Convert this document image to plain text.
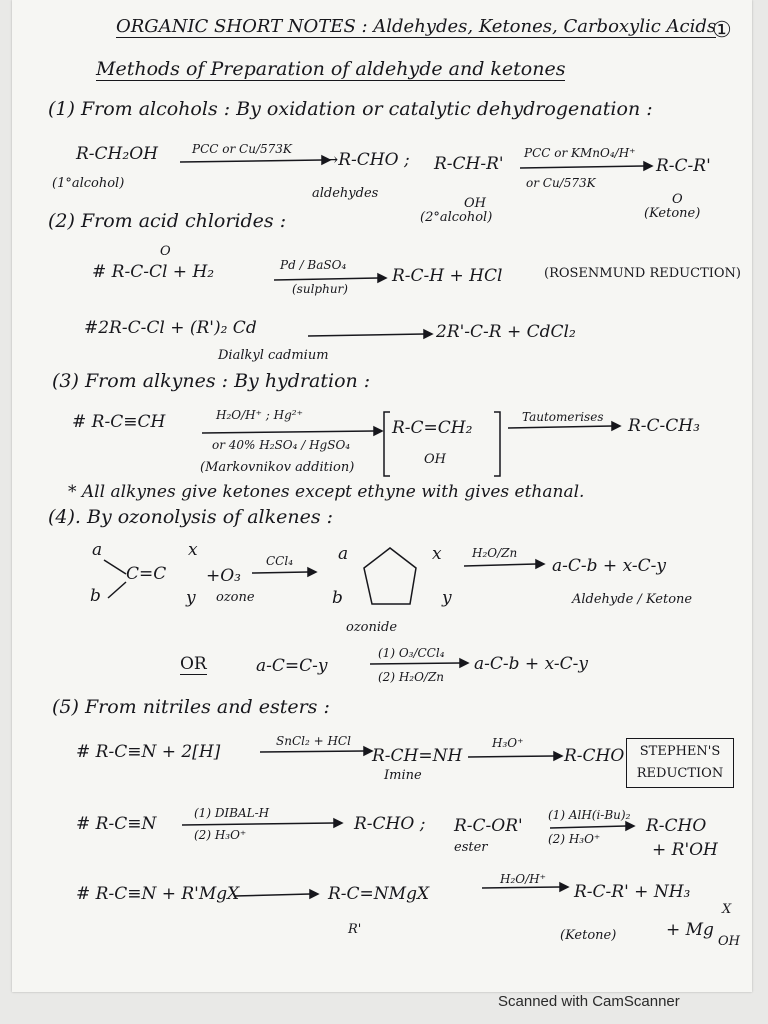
①
ORGANIC SHORT NOTES : Aldehydes, Ketones, Carboxylic Acids
Methods of Preparation of aldehyde and ketones
(1) From alcohols : By oxidation or catalytic dehydrogenation :
R-CH₂OH	PCC or Cu/573K
→R-CHO ; R-CH-R'
OH
PCC or KMnO₄/H⁺
or Cu/573K
R-C-R'
O
(1°alcohol)
aldehydes
(2°alcohol)	(Ketone)
(2) From acid chlorides :
O
# R-C-Cl + H₂	Pd / BaSO₄
(sulphur)
R-C-H + HCl	(ROSENMUND REDUCTION)
#2R-C-Cl + (R')₂ Cd	2R'-C-R + CdCl₂
Dialkyl cadmium
(3) From alkynes : By hydration :
# R-C≡CH	H₂O/H⁺ ; Hg²⁺
or 40% H₂SO₄ / HgSO₄
R-C=CH₂
OH
Tautomerises R-C-CH₃
(Markovnikov addition)
* All alkynes give ketones except ethyne with gives ethanal.
(4). By ozonolysis of alkenes :
a
b
x
y
C=C +O₃
ozone
CCl₄	a
b
x
y
ozonide
H₂O/Zn
a-C-b + x-C-y
Aldehyde / Ketone
OR	a-C=C-y
(1) O₃/CCl₄
(2) H₂O/Zn
a-C-b + x-C-y
(5) From nitriles and esters :
# R-C≡N + 2[H]
SnCl₂ + HCl
R-CH=NH
Imine
H₃O⁺
R-CHO	STEPHEN'S REDUCTION
# R-C≡N
(1) DIBAL-H
(2) H₃O⁺
R-CHO ; R-C-OR'
ester
(1) AlH(i-Bu)₂
(2) H₃O⁺
R-CHO
+ R'OH
# R-C≡N + R'MgX	R-C=NMgX
R'
H₂O/H⁺
R-C-R' + NH₃
(Ketone)	+ Mg
X
OH
Scanned with CamScanner
